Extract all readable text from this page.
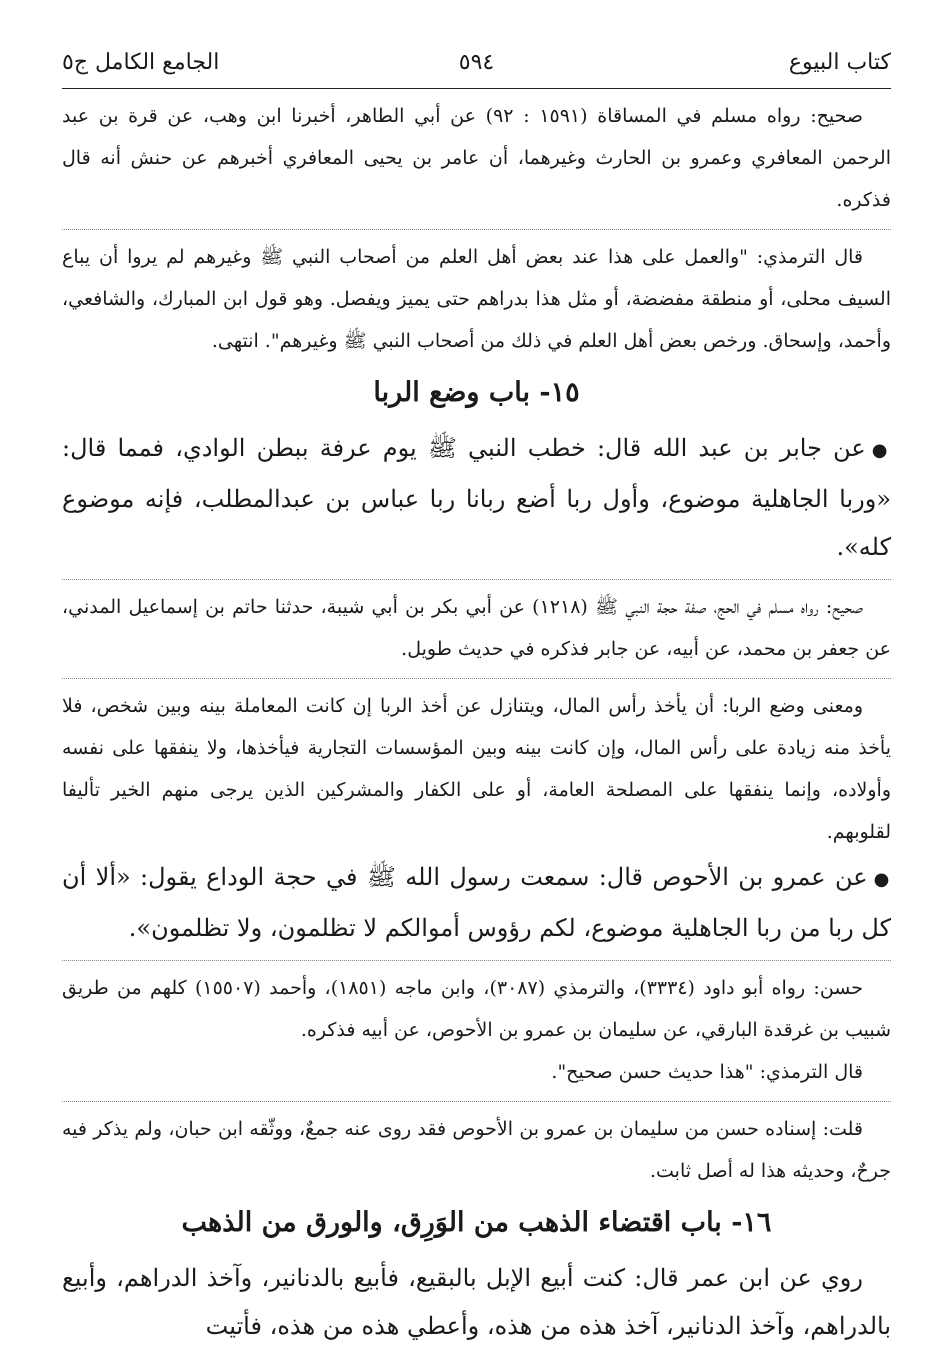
كتاب البيوع
٥٩٤
الجامع الكامل ج٥
صحيح: رواه مسلم في المساقاة (١٥٩١ : ٩٢) عن أبي الطاهر، أخبرنا ابن وهب، عن قرة بن عبد الرحمن المعافري وعمرو بن الحارث وغيرهما، أن عامر بن يحيى المعافري أخبرهم عن حنش أنه قال فذكره.
قال الترمذي: "والعمل على هذا عند بعض أهل العلم من أصحاب النبي ﷺ وغيرهم لم يروا أن يباع السيف محلى، أو منطقة مفضضة، أو مثل هذا بدراهم حتى يميز ويفصل. وهو قول ابن المبارك، والشافعي، وأحمد، وإسحاق. ورخص بعض أهل العلم في ذلك من أصحاب النبي ﷺ وغيرهم". انتهى.
١٥- باب وضع الربا
●عن جابر بن عبد الله قال: خطب النبي ﷺ يوم عرفة ببطن الوادي، فمما قال: «وربا الجاهلية موضوع، وأول ربا أضع ربانا ربا عباس بن عبدالمطلب، فإنه موضوع كله».
صحيح: رواه مسلم في الحج، صفة حجة النبي ﷺ (١٢١٨) عن أبي بكر بن أبي شيبة، حدثنا حاتم بن إسماعيل المدني، عن جعفر بن محمد، عن أبيه، عن جابر فذكره في حديث طويل.
ومعنى وضع الربا: أن يأخذ رأس المال، ويتنازل عن أخذ الربا إن كانت المعاملة بينه وبين شخص، فلا يأخذ منه زيادة على رأس المال، وإن كانت بينه وبين المؤسسات التجارية فيأخذها، ولا ينفقها على نفسه وأولاده، وإنما ينفقها على المصلحة العامة، أو على الكفار والمشركين الذين يرجى منهم الخير تأليفا لقلوبهم.
●عن عمرو بن الأحوص قال: سمعت رسول الله ﷺ في حجة الوداع يقول: «ألا أن كل ربا من ربا الجاهلية موضوع، لكم رؤوس أموالكم لا تظلمون، ولا تظلمون».
حسن: رواه أبو داود (٣٣٣٤)، والترمذي (٣٠٨٧)، وابن ماجه (١٨٥١)، وأحمد (١٥٥٠٧) كلهم من طريق شبيب بن غرقدة البارقي، عن سليمان بن عمرو بن الأحوص، عن أبيه فذكره.
قال الترمذي: "هذا حديث حسن صحيح".
قلت: إسناده حسن من سليمان بن عمرو بن الأحوص فقد روى عنه جمعٌ، ووثّقه ابن حبان، ولم يذكر فيه جرحٌ، وحديثه هذا له أصل ثابت.
١٦- باب اقتضاء الذهب من الوَرِق، والورق من الذهب
روي عن ابن عمر قال: كنت أبيع الإبل بالبقيع، فأبيع بالدنانير، وآخذ الدراهم، وأبيع بالدراهم، وآخذ الدنانير، آخذ هذه من هذه، وأعطي هذه من هذه، فأتيت
